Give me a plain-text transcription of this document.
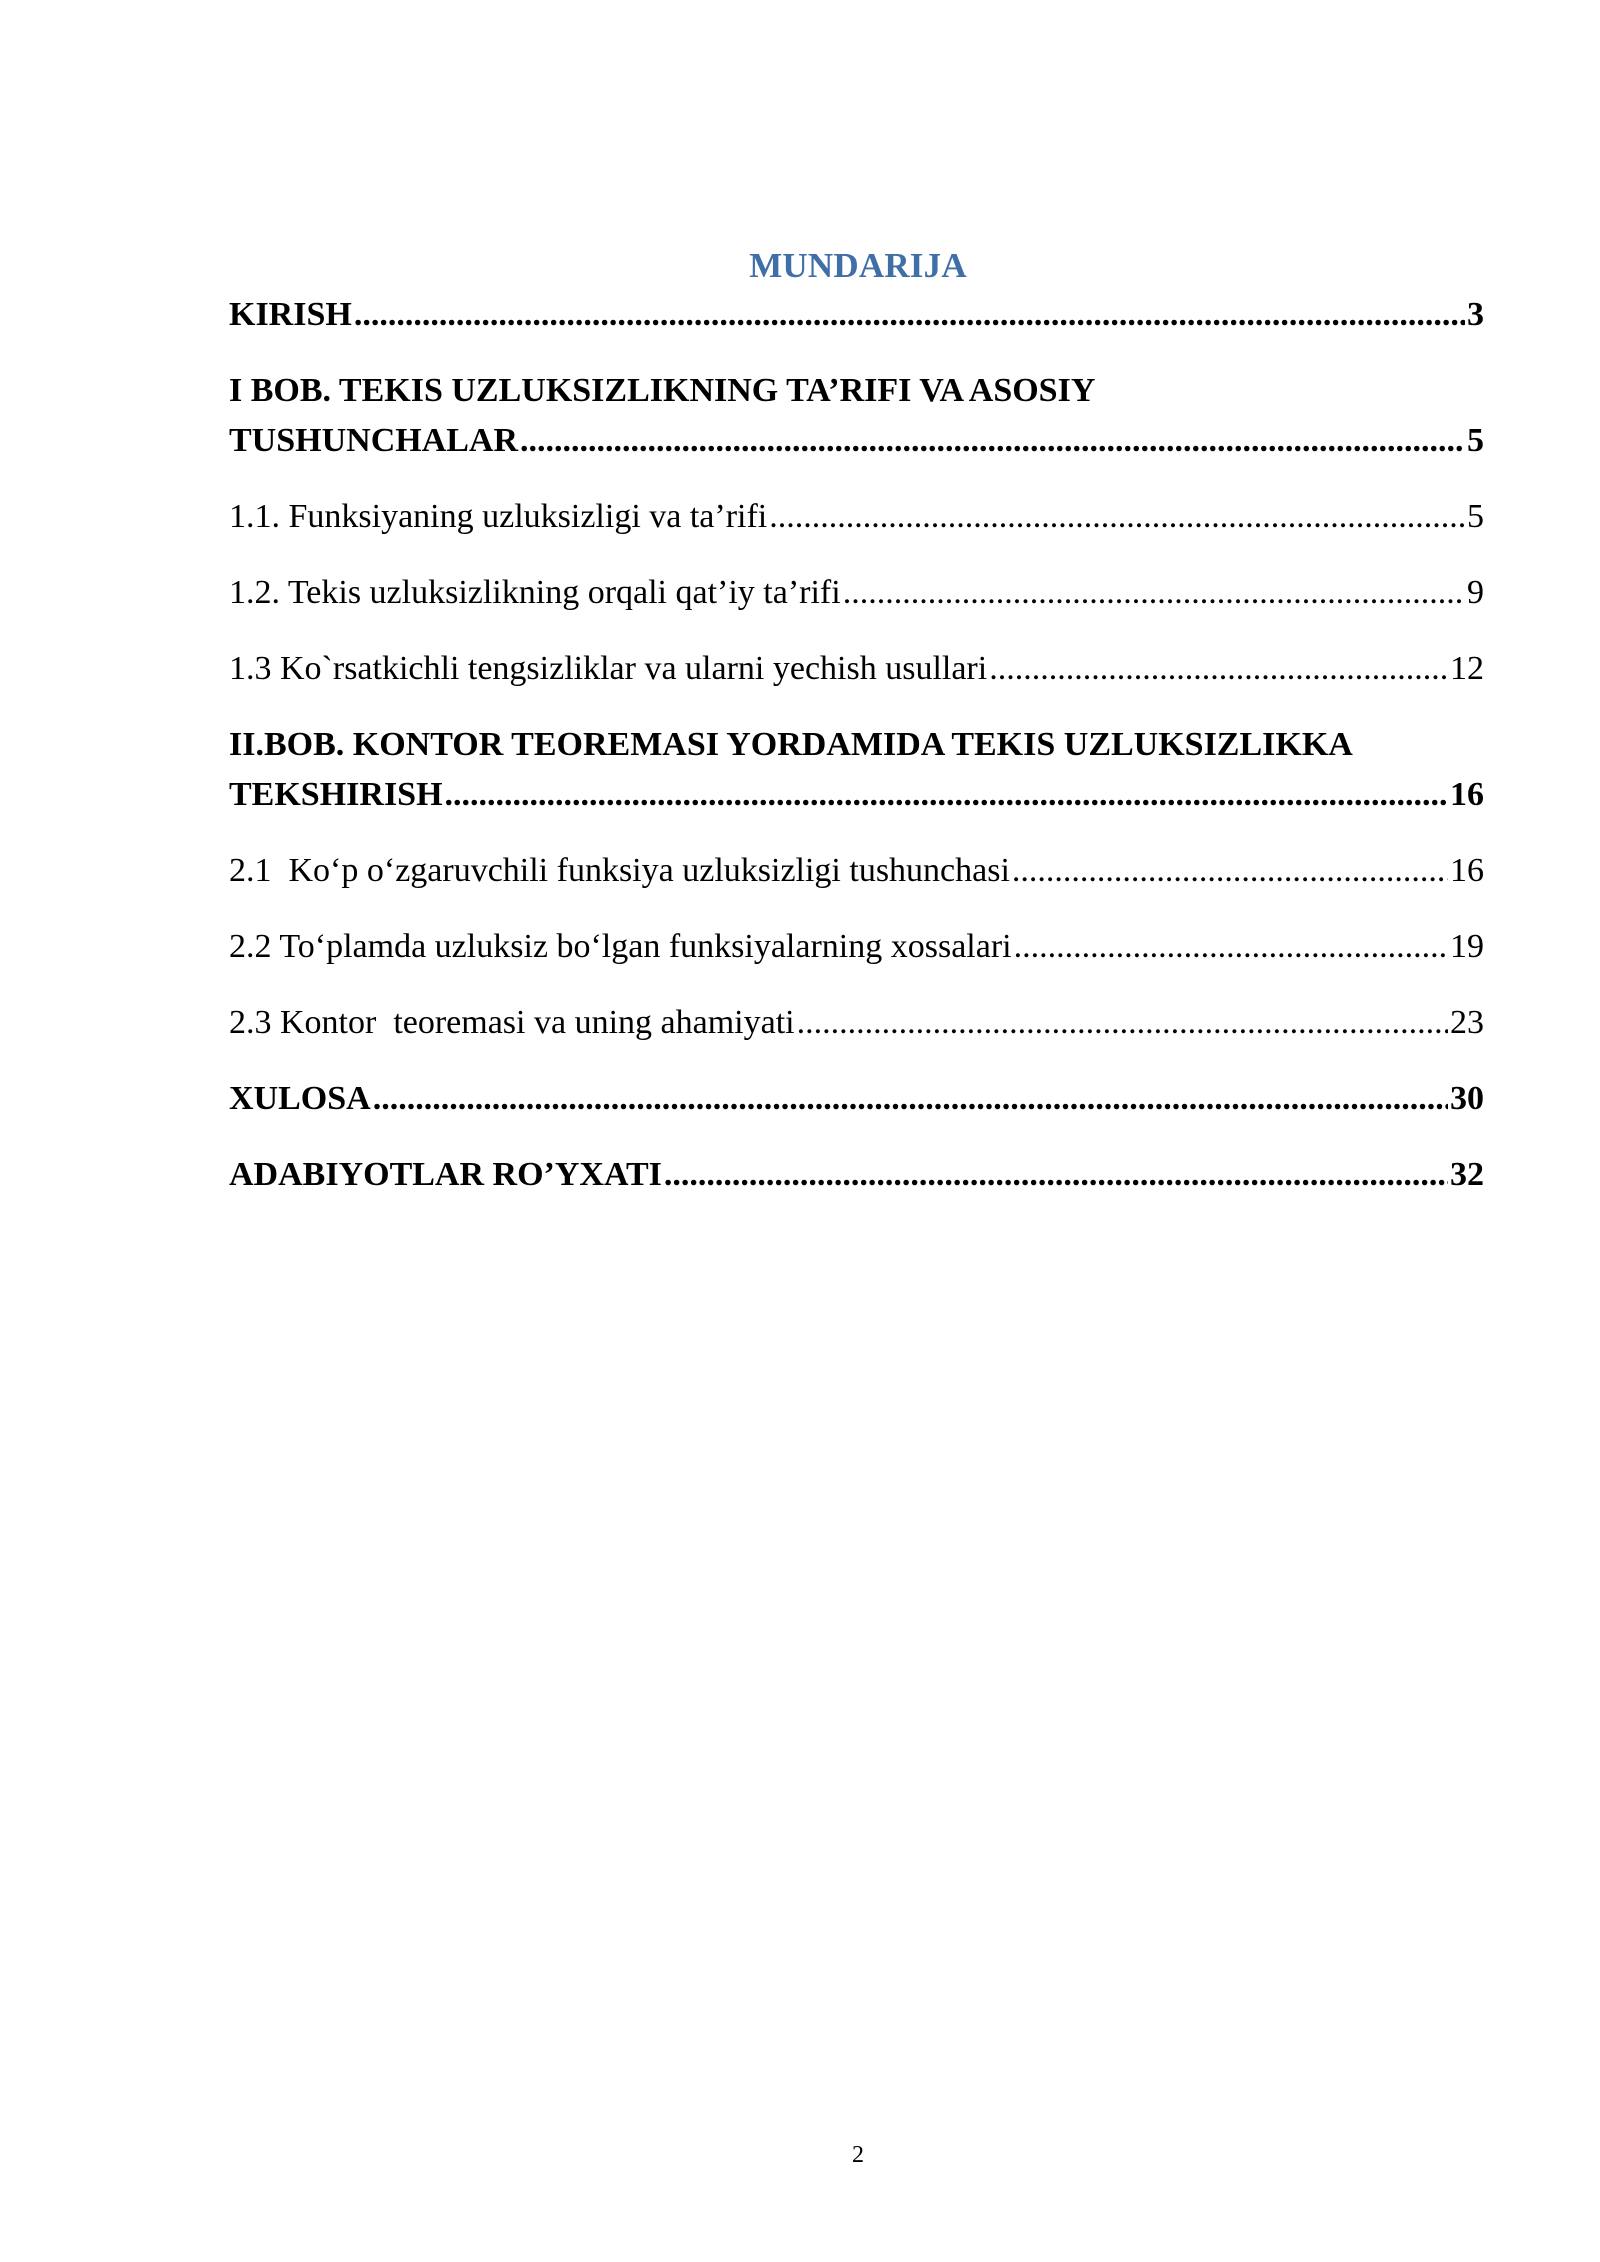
MUNDARIJA
KIRISH .....	3
I BOB. TEKIS UZLUKSIZLIKNING TA’RIFI VA ASOSIY
TUSHUNCHALAR .....	5
1.1. Funksiyaning uzluksizligi va ta’rifi .....	5
1.2. Tekis uzluksizlikning orqali qat’iy ta’rifi .....	9
1.3 Ko`rsatkichli tengsizliklar va ularni yechish usullari .....	12
II.BOB. KONTOR TEOREMASI YORDAMIDA TEKIS UZLUKSIZLIKKA
TEKSHIRISH .....	16
2.1  Ko‘p o‘zgaruvchili funksiya uzluksizligi tushunchasi .....	16
2.2 To‘plamda uzluksiz bo‘lgan funksiyalarning xossalari .....	19
2.3 Kontor  teoremasi va uning ahamiyati .....	23
XULOSA .....	30
ADABIYOTLAR RO’YXATI .....	32
2
